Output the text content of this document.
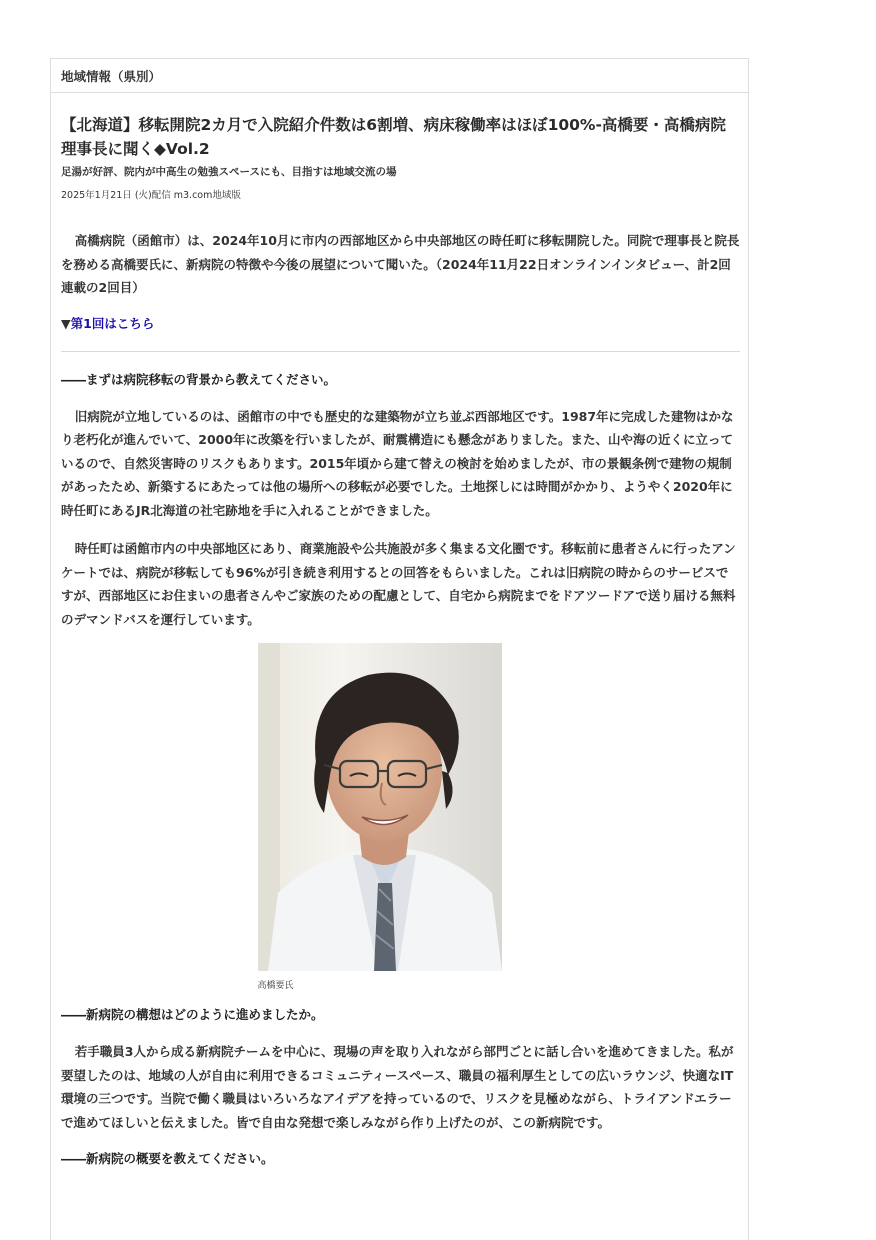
地域情報（県別）
【北海道】移転開院2カ月で入院紹介件数は6割増、病床稼働率はほぼ100%-高橋要・高橋病院理事長に聞く◆Vol.2
足湯が好評、院内が中高生の勉強スペースにも、目指すは地域交流の場
2025年1月21日 (火)配信 m3.com地域版

高橋病院（函館市）は、2024年10月に市内の西部地区から中央部地区の時任町に移転開院した。同院で理事長と院長を務める高橋要氏に、新病院の特徴や今後の展望について聞いた。（2024年11月22日オンラインインタビュー、計2回連載の2回目）

▼第1回はこちら

――まずは病院移転の背景から教えてください。

旧病院が立地しているのは、函館市の中でも歴史的な建築物が立ち並ぶ西部地区です。1987年に完成した建物はかなり老朽化が進んでいて、2000年に改築を行いましたが、耐震構造にも懸念がありました。また、山や海の近くに立っているので、自然災害時のリスクもあります。2015年頃から建て替えの検討を始めましたが、市の景観条例で建物の規制があったため、新築するにあたっては他の場所への移転が必要でした。土地探しには時間がかかり、ようやく2020年に時任町にあるJR北海道の社宅跡地を手に入れることができました。

時任町は函館市内の中央部地区にあり、商業施設や公共施設が多く集まる文化圏です。移転前に患者さんに行ったアンケートでは、病院が移転しても96%が引き続き利用するとの回答をもらいました。これは旧病院の時からのサービスですが、西部地区にお住まいの患者さんやご家族のための配慮として、自宅から病院までをドアツードアで送り届ける無料のデマンドバスを運行しています。

高橋要氏

――新病院の構想はどのように進めましたか。

若手職員3人から成る新病院チームを中心に、現場の声を取り入れながら部門ごとに話し合いを進めてきました。私が要望したのは、地域の人が自由に利用できるコミュニティースペース、職員の福利厚生としての広いラウンジ、快適なIT環境の三つです。当院で働く職員はいろいろなアイデアを持っているので、リスクを見極めながら、トライアンドエラーで進めてほしいと伝えました。皆で自由な発想で楽しみながら作り上げたのが、この新病院です。

――新病院の概要を教えてください。
